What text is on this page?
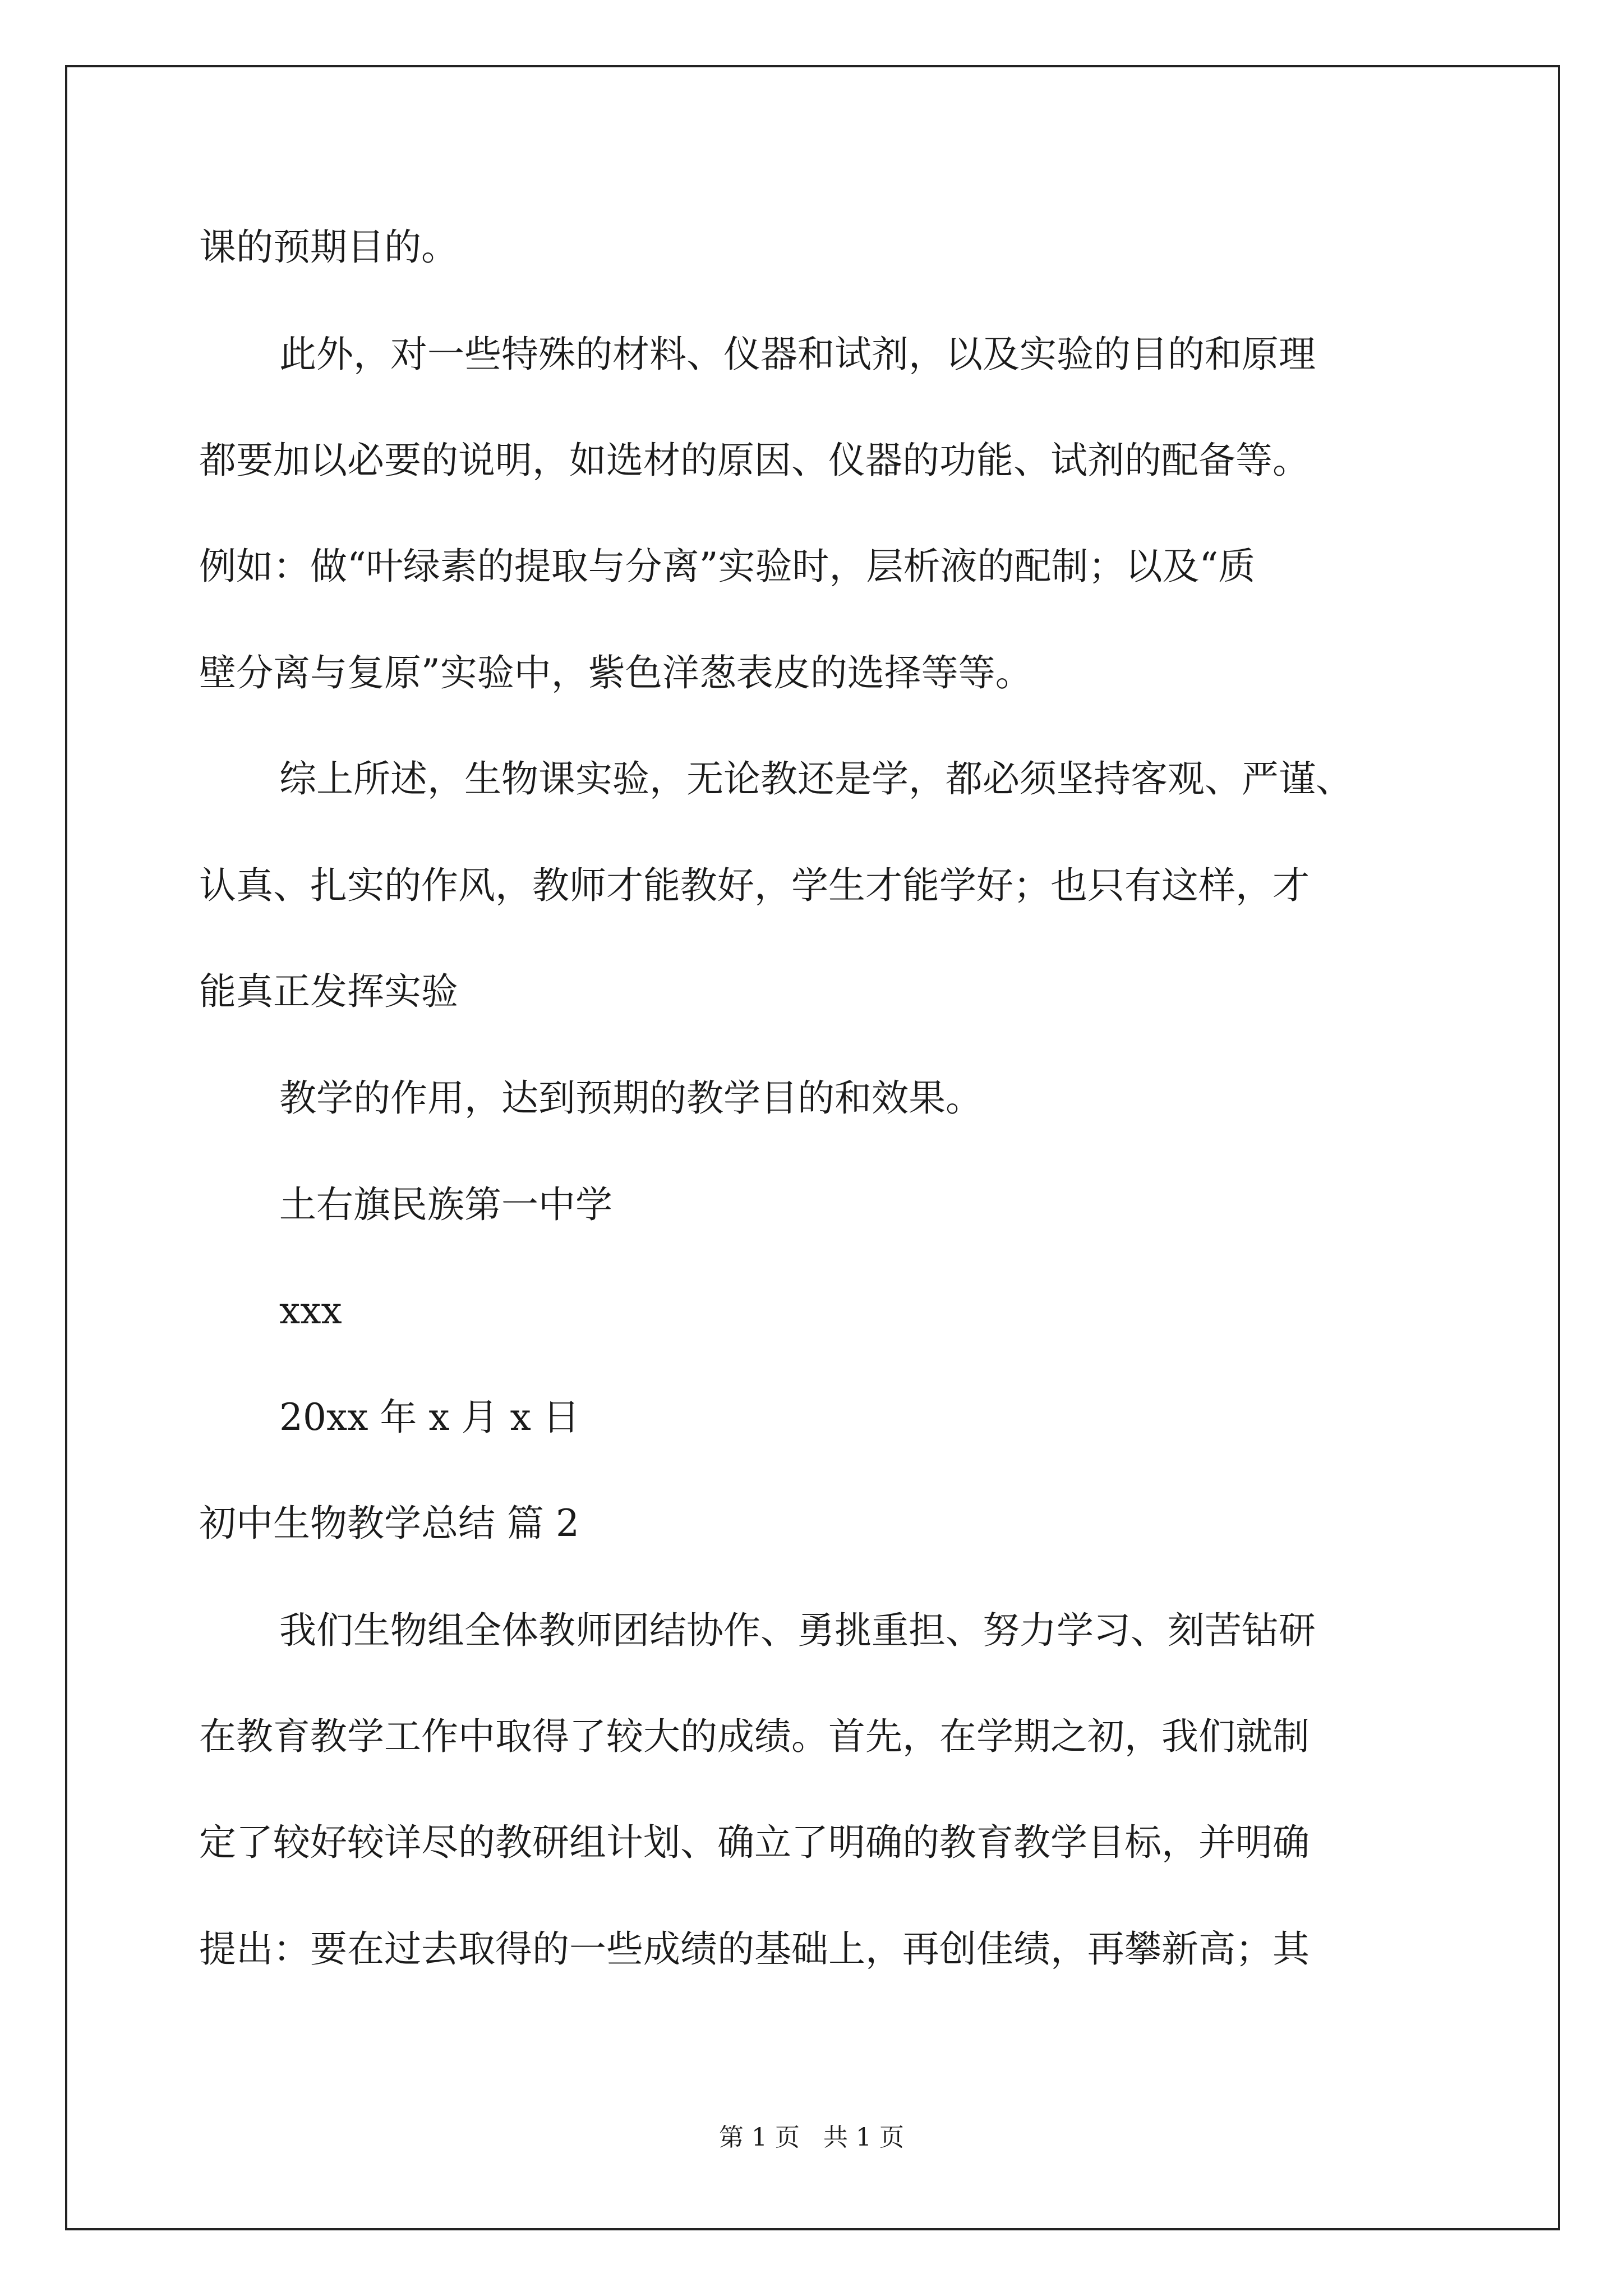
课的预期目的。
此外，对一些特殊的材料、仪器和试剂，以及实验的目的和原理
都要加以必要的说明，如选材的原因、仪器的功能、试剂的配备等。
例如：做“叶绿素的提取与分离”实验时，层析液的配制；以及“质
壁分离与复原”实验中，紫色洋葱表皮的选择等等。
综上所述，生物课实验，无论教还是学，都必须坚持客观、严谨、
认真、扎实的作风，教师才能教好，学生才能学好；也只有这样，才
能真正发挥实验
教学的作用，达到预期的教学目的和效果。
土右旗民族第一中学
xxx
20xx 年 x 月 x 日
初中生物教学总结 篇 2
我们生物组全体教师团结协作、勇挑重担、努力学习、刻苦钻研
在教育教学工作中取得了较大的成绩。首先，在学期之初，我们就制
定了较好较详尽的教研组计划、确立了明确的教育教学目标，并明确
提出：要在过去取得的一些成绩的基础上，再创佳绩，再攀新高；其
第 1 页   共 1 页
